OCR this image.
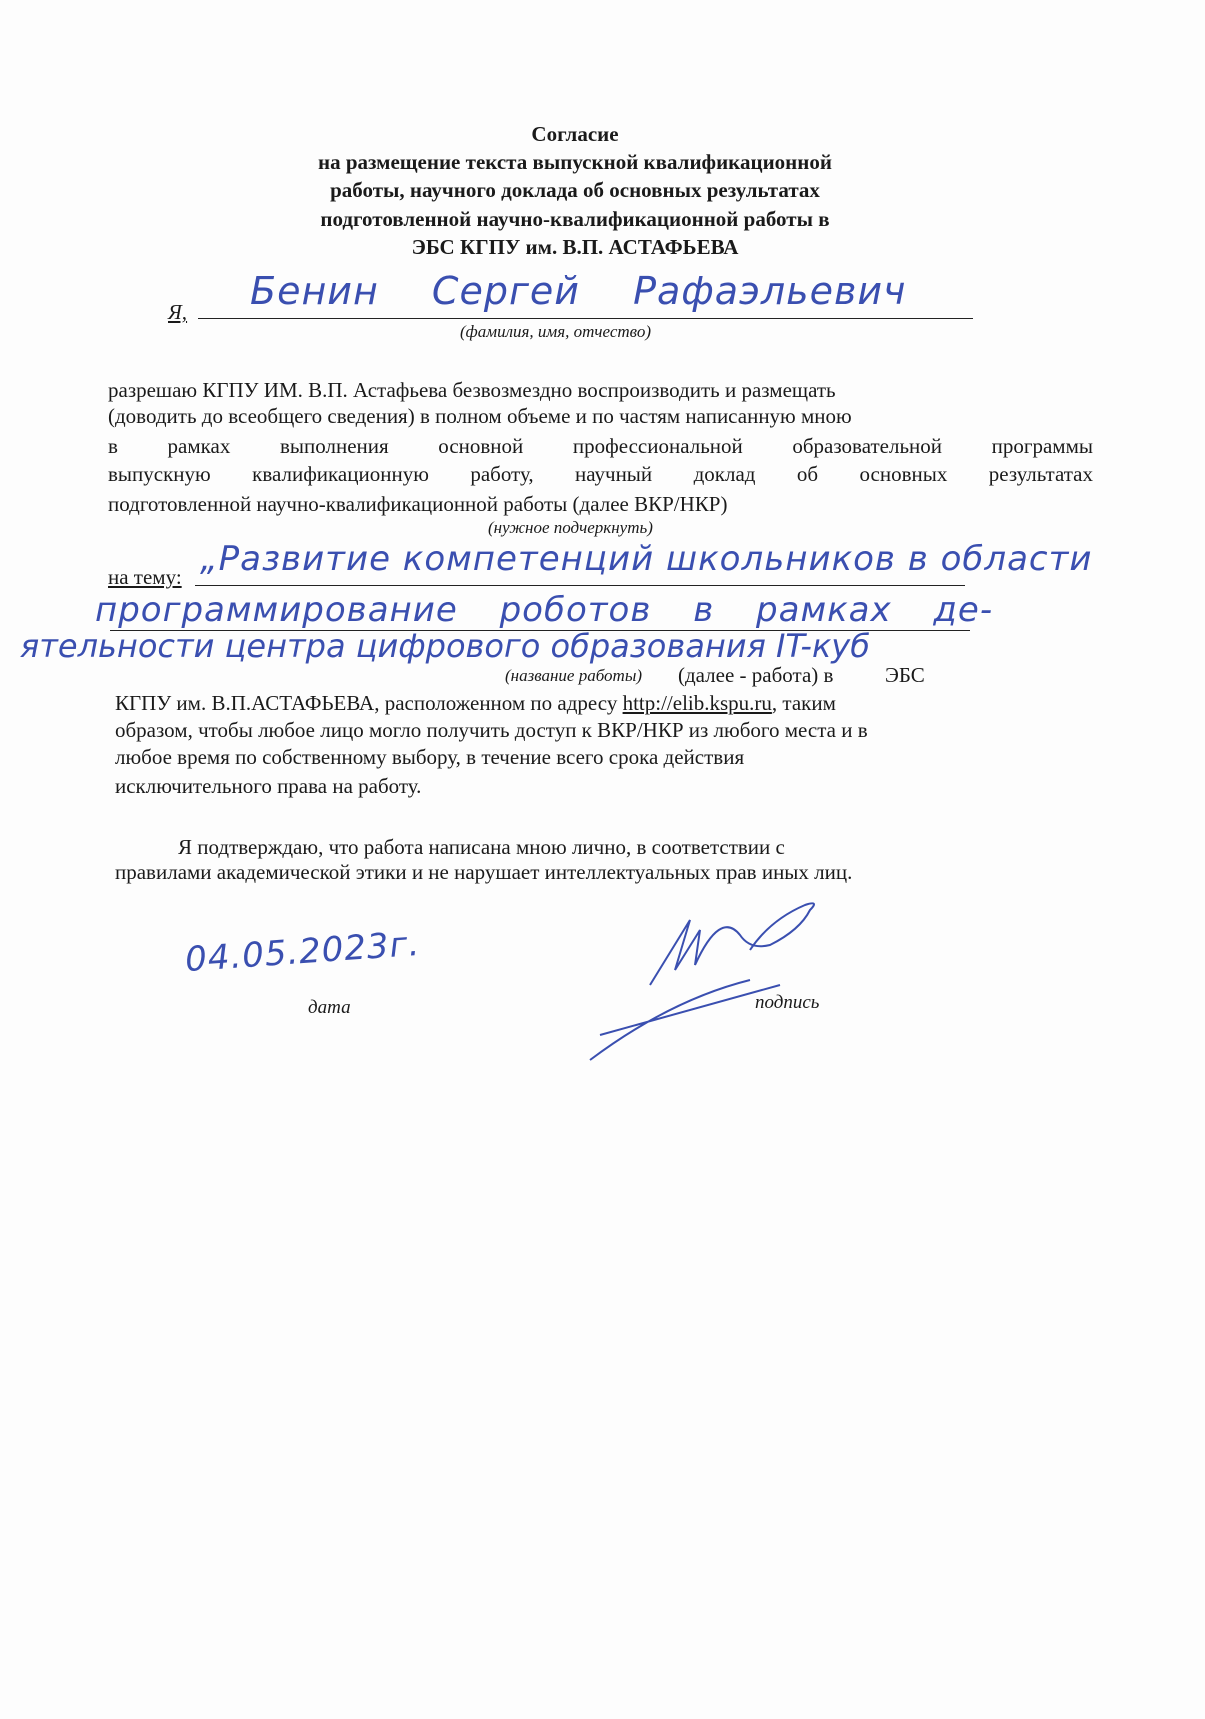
Согласие
на размещение текста выпускной квалификационной
работы, научного доклада об основных результатах
подготовленной научно-квалификационной работы в
ЭБС КГПУ им. В.П. АСТАФЬЕВА
Я, Бенин Сергей Рафаэльевич
(фамилия, имя, отчество)
разрешаю КГПУ ИМ. В.П. Астафьева безвозмездно воспроизводить и размещать
(доводить до всеобщего сведения) в полном объеме и по частям написанную мною
в рамках выполнения основной профессиональной образовательной программы
выпускную квалификационную работу, научный доклад об основных результатах
подготовленной научно-квалификационной работы (далее ВКР/НКР)
(нужное подчеркнуть)
на тему: „Развитие компетенций школьников в области
программирование роботов в рамках де-
ятельности центра цифрового образования IT-куб
(название работы) (далее - работа) в ЭБС
КГПУ им. В.П.АСТАФЬЕВА, расположенном по адресу http://elib.kspu.ru, таким
образом, чтобы любое лицо могло получить доступ к ВКР/НКР из любого места и в
любое время по собственному выбору, в течение всего срока действия
исключительного права на работу.
Я подтверждаю, что работа написана мною лично, в соответствии с
правилами академической этики и не нарушает интеллектуальных прав иных лиц.
04.05.2023г.
дата	подпись
